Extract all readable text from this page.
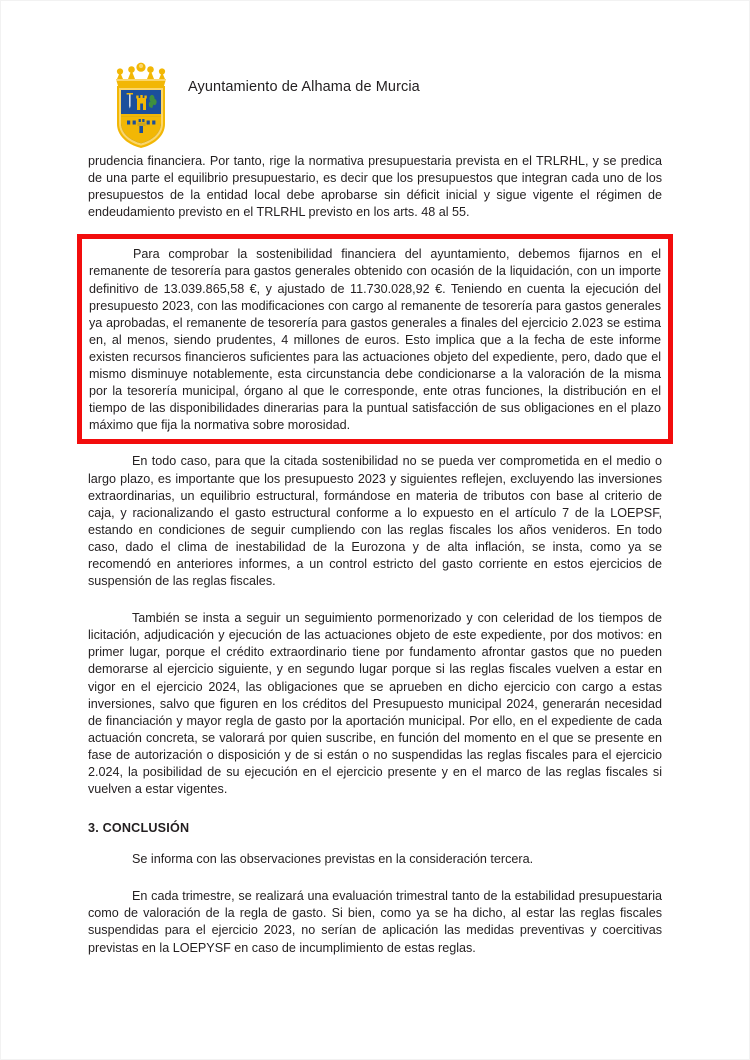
Ayuntamiento de Alhama de Murcia

prudencia financiera. Por tanto, rige la normativa presupuestaria prevista en el TRLRHL, y se predica de una parte el equilibrio presupuestario, es decir que los presupuestos que integran cada uno de los presupuestos de la entidad local debe aprobarse sin déficit inicial y sigue vigente el régimen de endeudamiento previsto en el TRLRHL previsto en los arts. 48 al 55.

Para comprobar la sostenibilidad financiera del ayuntamiento, debemos fijarnos en el remanente de tesorería para gastos generales obtenido con ocasión de la liquidación, con un importe definitivo de 13.039.865,58 €, y ajustado de 11.730.028,92 €. Teniendo en cuenta la ejecución del presupuesto 2023, con las modificaciones con cargo al remanente de tesorería para gastos generales ya aprobadas, el remanente de tesorería para gastos generales a finales del ejercicio 2.023 se estima en, al menos, siendo prudentes, 4 millones de euros. Esto implica que a la fecha de este informe existen recursos financieros suficientes para las actuaciones objeto del expediente, pero, dado que el mismo disminuye notablemente, esta circunstancia debe condicionarse a la valoración de la misma por la tesorería municipal, órgano al que le corresponde, ente otras funciones, la distribución en el tiempo de las disponibilidades dinerarias para la puntual satisfacción de sus obligaciones en el plazo máximo que fija la normativa sobre morosidad.

En todo caso, para que la citada sostenibilidad no se pueda ver comprometida en el medio o largo plazo, es importante que los presupuesto 2023 y siguientes reflejen, excluyendo las inversiones extraordinarias, un equilibrio estructural, formándose en materia de tributos con base al criterio de caja, y racionalizando el gasto estructural conforme a lo expuesto en el artículo 7 de la LOEPSF, estando en condiciones de seguir cumpliendo con las reglas fiscales los años venideros. En todo caso, dado el clima de inestabilidad de la Eurozona y de alta inflación, se insta, como ya se recomendó en anteriores informes, a un control estricto del gasto corriente en estos ejercicios de suspensión de las reglas fiscales.

También se insta a seguir un seguimiento pormenorizado y con celeridad de los tiempos de licitación, adjudicación y ejecución de las actuaciones objeto de este expediente, por dos motivos: en primer lugar, porque el crédito extraordinario tiene por fundamento afrontar gastos que no pueden demorarse al ejercicio siguiente, y en segundo lugar porque si las reglas fiscales vuelven a estar en vigor en el ejercicio 2024, las obligaciones que se aprueben en dicho ejercicio con cargo a estas inversiones, salvo que figuren en los créditos del Presupuesto municipal 2024, generarán necesidad de financiación y mayor regla de gasto por la aportación municipal. Por ello, en el expediente de cada actuación concreta, se valorará por quien suscribe, en función del momento en el que se presente en fase de autorización o disposición y de si están o no suspendidas las reglas fiscales para el ejercicio 2.024, la posibilidad de su ejecución en el ejercicio presente y en el marco de las reglas fiscales si vuelven a estar vigentes.

3. CONCLUSIÓN

Se informa con las observaciones previstas en la consideración tercera.

En cada trimestre, se realizará una evaluación trimestral tanto de la estabilidad presupuestaria como de valoración de la regla de gasto. Si bien, como ya se ha dicho, al estar las reglas fiscales suspendidas para el ejercicio 2023, no serían de aplicación las medidas preventivas y coercitivas previstas en la LOEPYSF en caso de incumplimiento de estas reglas.
